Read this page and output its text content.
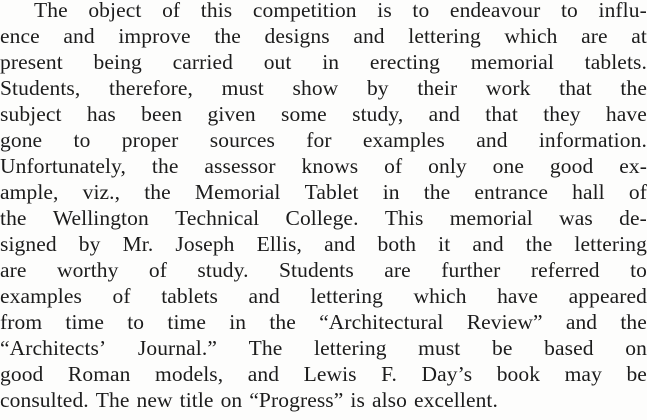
The object of this competition is to endeavour to influ-
ence and improve the designs and lettering which are at
present being carried out in erecting memorial tablets.
Students, therefore, must show by their work that the
subject has been given some study, and that they have
gone to proper sources for examples and information.
Unfortunately, the assessor knows of only one good ex-
ample, viz., the Memorial Tablet in the entrance hall of
the Wellington Technical College. This memorial was de-
signed by Mr. Joseph Ellis, and both it and the lettering
are worthy of study. Students are further referred to
examples of tablets and lettering which have appeared
from time to time in the “Architectural Review” and the
“Architects’ Journal.” The lettering must be based on
good Roman models, and Lewis F. Day’s book may be
consulted. The new title on “Progress” is also excellent.
